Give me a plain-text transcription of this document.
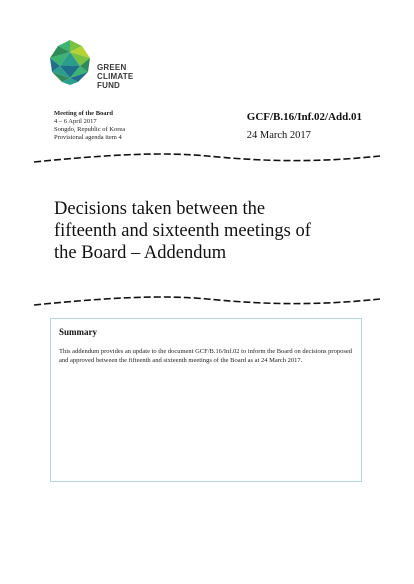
GREEN
CLIMATE
FUND
Meeting of the Board
4 – 6 April 2017
Songdo, Republic of Korea
Provisional agenda item 4
GCF/B.16/Inf.02/Add.01
24 March 2017
Decisions taken between the
fifteenth and sixteenth meetings of
the Board – Addendum
Summary
This addendum provides an update to the document GCF/B.16/Inf.02 to inform the Board on decisions proposed and approved between the fifteenth and sixteenth meetings of the Board as at 24 March 2017.
